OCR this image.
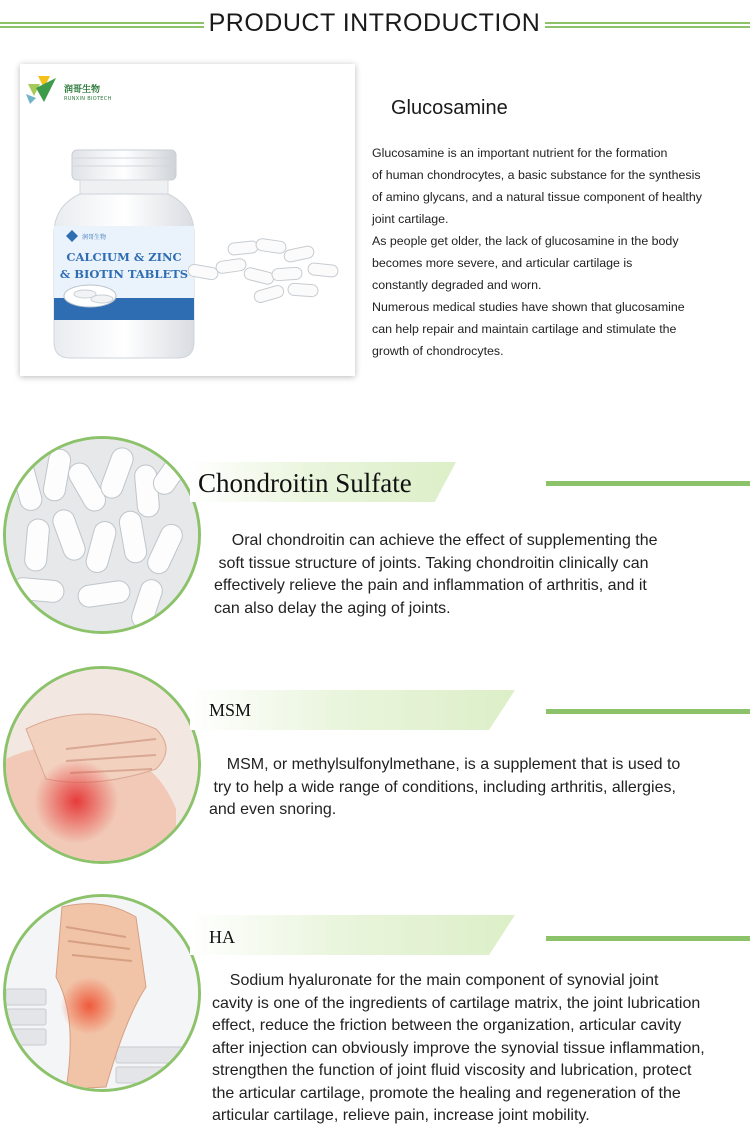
PRODUCT INTRODUCTION
润哥生物
RUNXIN BIOTECH
润哥生物
CALCIUM & ZINC
& BIOTIN TABLETS
Glucosamine

Glucosamine is an important nutrient for the formation

of human chondrocytes, a basic substance for the synthesis

of amino glycans, and a natural tissue component of healthy

joint cartilage.

As people get older, the lack of glucosamine in the body

becomes more severe, and articular cartilage is

constantly degraded and worn.

Numerous medical studies have shown that glucosamine

can help repair and maintain cartilage and stimulate the

growth of chondrocytes.

Chondroitin Sulfate
Oral chondroitin can achieve the effect of supplementing the
soft tissue structure of joints. Taking chondroitin clinically can
effectively relieve the pain and inflammation of arthritis, and it
can also delay the aging of joints.
MSM
MSM, or methylsulfonylmethane, is a supplement that is used to
try to help a wide range of conditions, including arthritis, allergies,
and even snoring.
HA
Sodium hyaluronate for the main component of synovial joint
cavity is one of the ingredients of cartilage matrix, the joint lubrication
effect, reduce the friction between the organization, articular cavity
after injection can obviously improve the synovial tissue inflammation,
strengthen the function of joint fluid viscosity and lubrication, protect
the articular cartilage, promote the healing and regeneration of the
articular cartilage, relieve pain, increase joint mobility.
